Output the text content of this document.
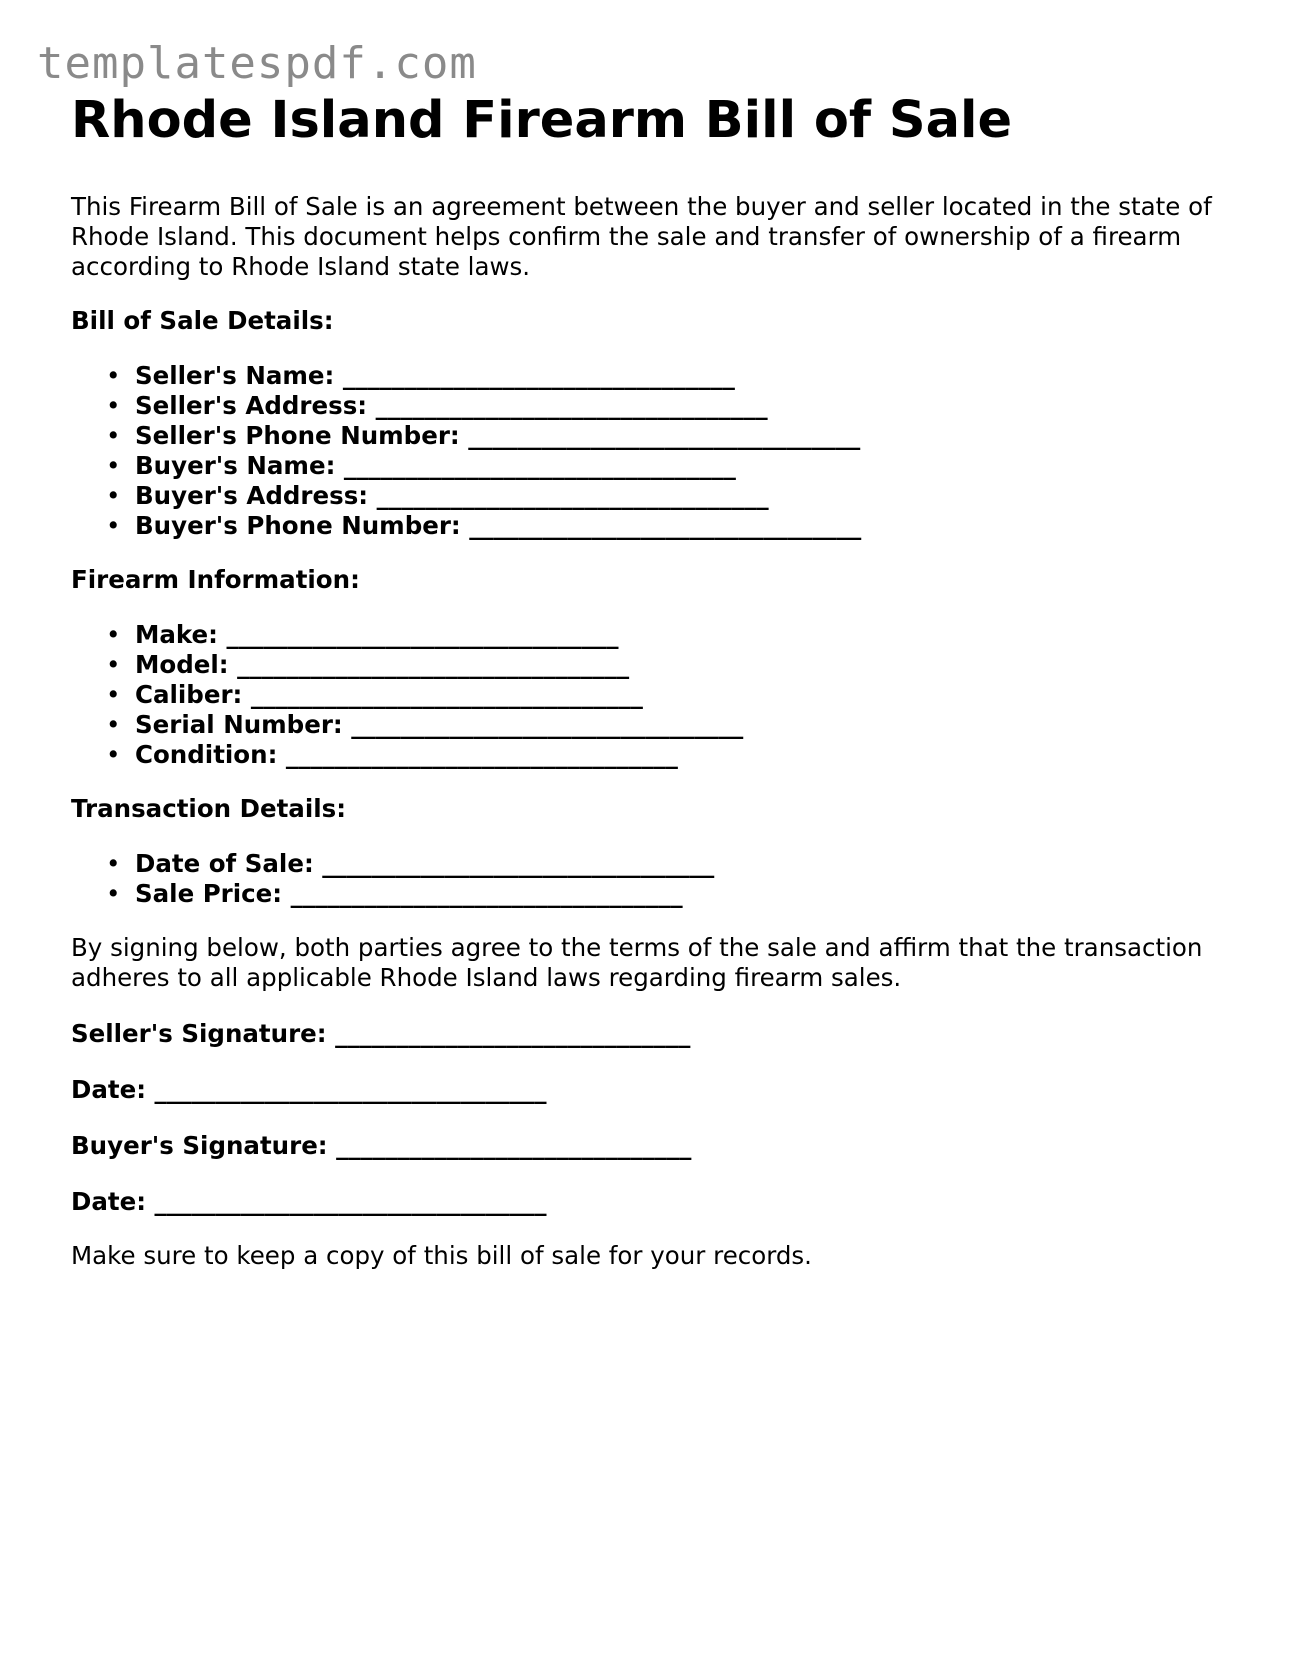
templatespdf.com
Rhode Island Firearm Bill of Sale

This Firearm Bill of Sale is an agreement between the buyer and seller located in the state of Rhode Island. This document helps confirm the sale and transfer of ownership of a firearm according to Rhode Island state laws.

Bill of Sale Details:

• Seller's Name: ________________________________
• Seller's Address: ________________________________
• Seller's Phone Number: ________________________________
• Buyer's Name: ________________________________
• Buyer's Address: ________________________________
• Buyer's Phone Number: ________________________________

Firearm Information:

• Make: ________________________________
• Model: ________________________________
• Caliber: ________________________________
• Serial Number: ________________________________
• Condition: ________________________________

Transaction Details:

• Date of Sale: ________________________________
• Sale Price: ________________________________

By signing below, both parties agree to the terms of the sale and affirm that the transaction adheres to all applicable Rhode Island laws regarding firearm sales.

Seller's Signature: _____________________________

Date: ________________________________

Buyer's Signature: _____________________________

Date: ________________________________

Make sure to keep a copy of this bill of sale for your records.
